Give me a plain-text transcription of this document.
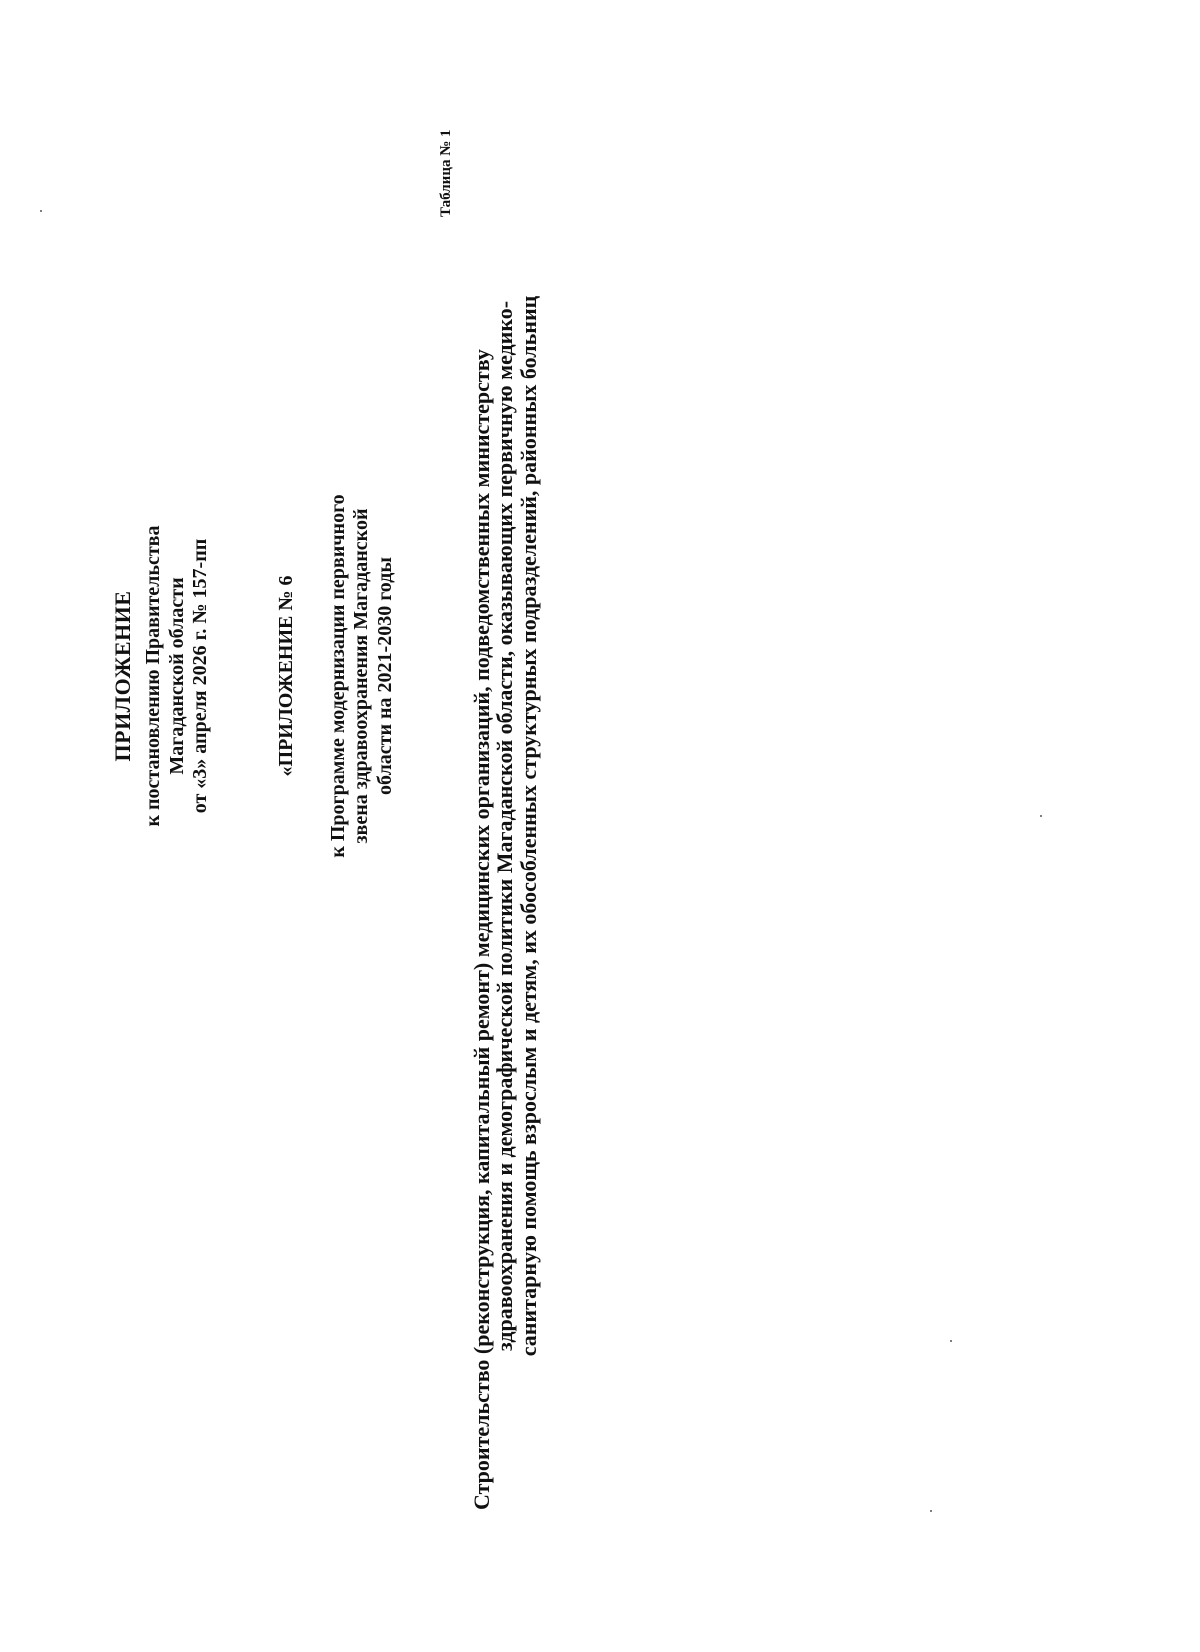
ПРИЛОЖЕНИЕ к постановлению Правительства Магаданской области от «3» апреля 2026 г. № 157-пп	«ПРИЛОЖЕНИЕ № 6 к Программе модернизации первичного звена здравоохранения Магаданской области на 2021-2030 годы
Таблица № 1
Строительство (реконструкция, капитальный ремонт) медицинских организаций, подведомственных министерству
здравоохранения и демографической политики Магаданской области, оказывающих первичную медико-
санитарную помощь взрослым и детям, их обособленных структурных подразделений, районных больниц
